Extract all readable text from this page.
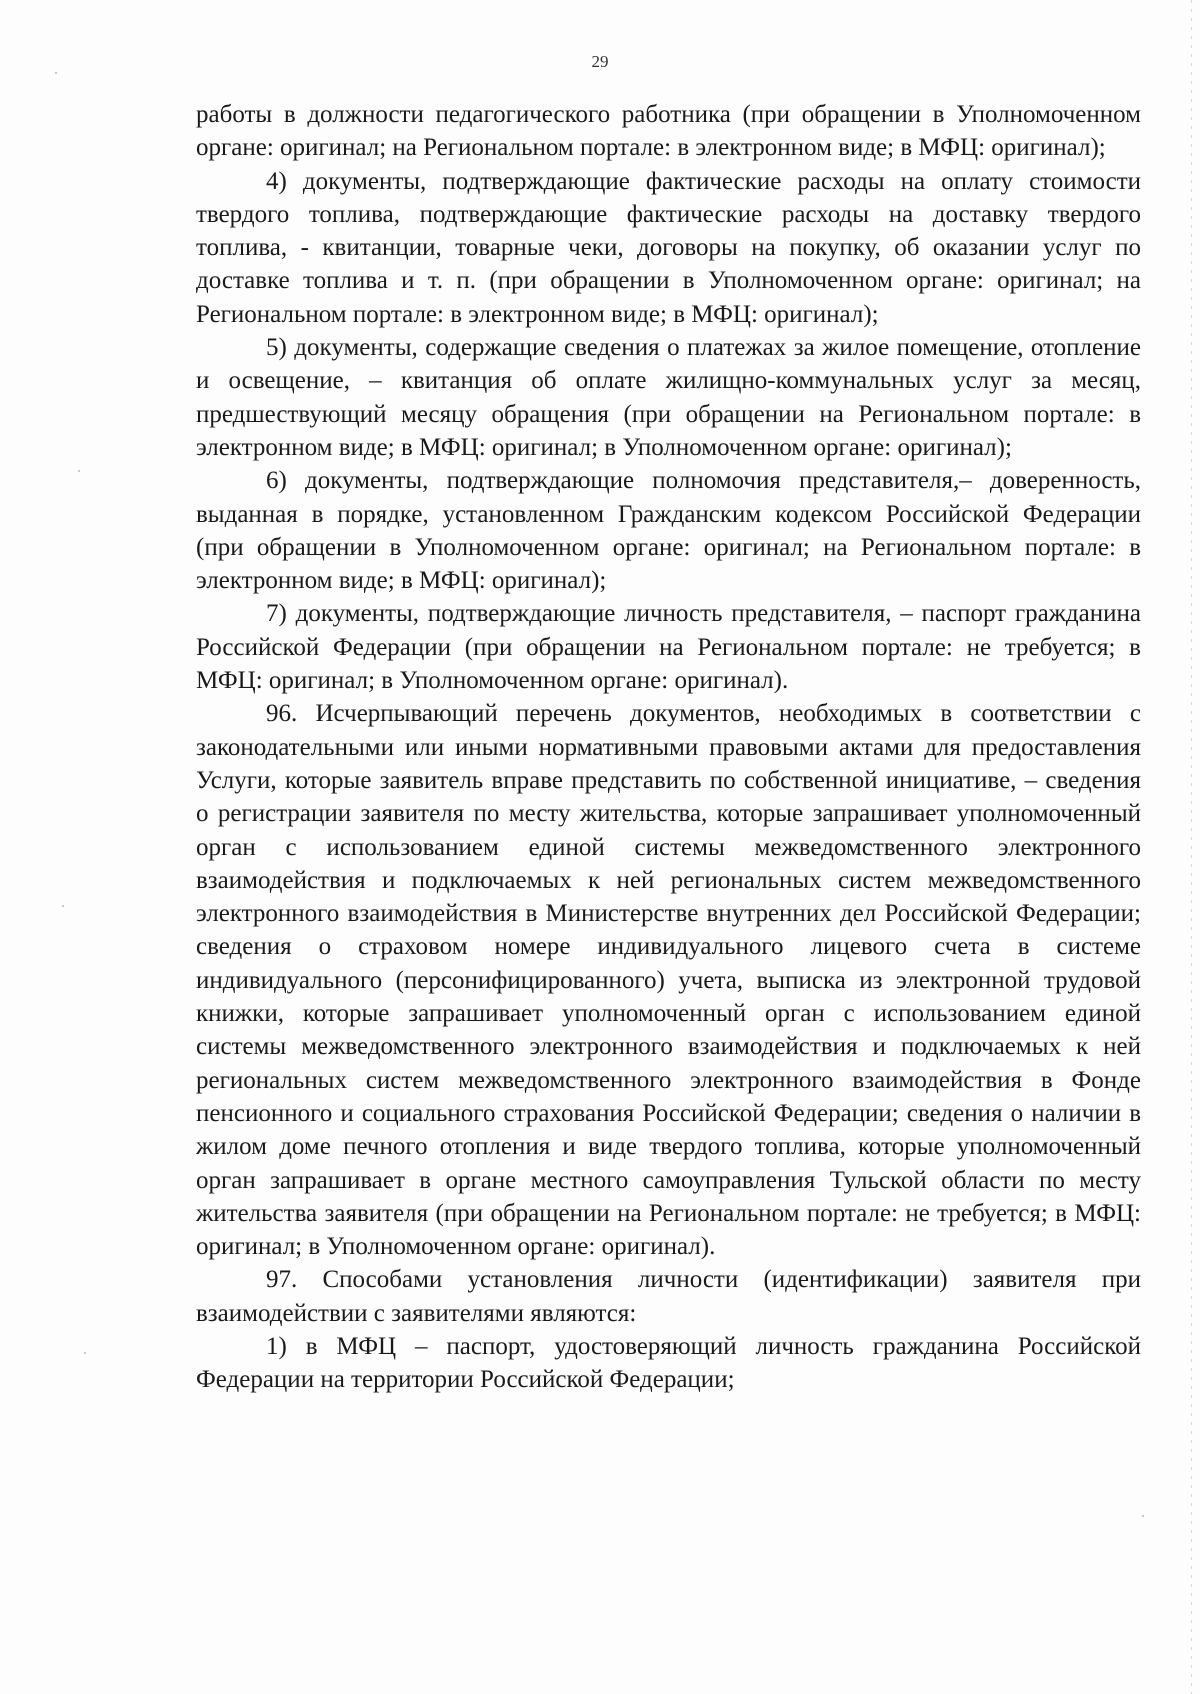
29

работы в должности педагогического работника (при обращении в Уполномоченном органе: оригинал; на Региональном портале: в электронном виде; в МФЦ: оригинал);

4) документы, подтверждающие фактические расходы на оплату стоимости твердого топлива, подтверждающие фактические расходы на доставку твердого топлива, - квитанции, товарные чеки, договоры на покупку, об оказании услуг по доставке топлива и т. п. (при обращении в Уполномоченном органе: оригинал; на Региональном портале: в электронном виде; в МФЦ: оригинал);

5) документы, содержащие сведения о платежах за жилое помещение, отопление и освещение, – квитанция об оплате жилищно-коммунальных услуг за месяц, предшествующий месяцу обращения (при обращении на Региональном портале: в электронном виде; в МФЦ: оригинал; в Уполномоченном органе: оригинал);

6) документы, подтверждающие полномочия представителя,– доверенность, выданная в порядке, установленном Гражданским кодексом Российской Федерации (при обращении в Уполномоченном органе: оригинал; на Региональном портале: в электронном виде; в МФЦ: оригинал);

7) документы, подтверждающие личность представителя, – паспорт гражданина Российской Федерации (при обращении на Региональном портале: не требуется; в МФЦ: оригинал; в Уполномоченном органе: оригинал).

96. Исчерпывающий перечень документов, необходимых в соответствии с законодательными или иными нормативными правовыми актами для предоставления Услуги, которые заявитель вправе представить по собственной инициативе, – сведения о регистрации заявителя по месту жительства, которые запрашивает уполномоченный орган с использованием единой системы межведомственного электронного взаимодействия и подключаемых к ней региональных систем межведомственного электронного взаимодействия в Министерстве внутренних дел Российской Федерации; сведения о страховом номере индивидуального лицевого счета в системе индивидуального (персонифицированного) учета, выписка из электронной трудовой книжки, которые запрашивает уполномоченный орган с использованием единой системы межведомственного электронного взаимодействия и подключаемых к ней региональных систем межведомственного электронного взаимодействия в Фонде пенсионного и социального страхования Российской Федерации; сведения о наличии в жилом доме печного отопления и виде твердого топлива, которые уполномоченный орган запрашивает в органе местного самоуправления Тульской области по месту жительства заявителя (при обращении на Региональном портале: не требуется; в МФЦ: оригинал; в Уполномоченном органе: оригинал).

97. Способами установления личности (идентификации) заявителя при взаимодействии с заявителями являются:

1) в МФЦ – паспорт, удостоверяющий личность гражданина Российской Федерации на территории Российской Федерации;
